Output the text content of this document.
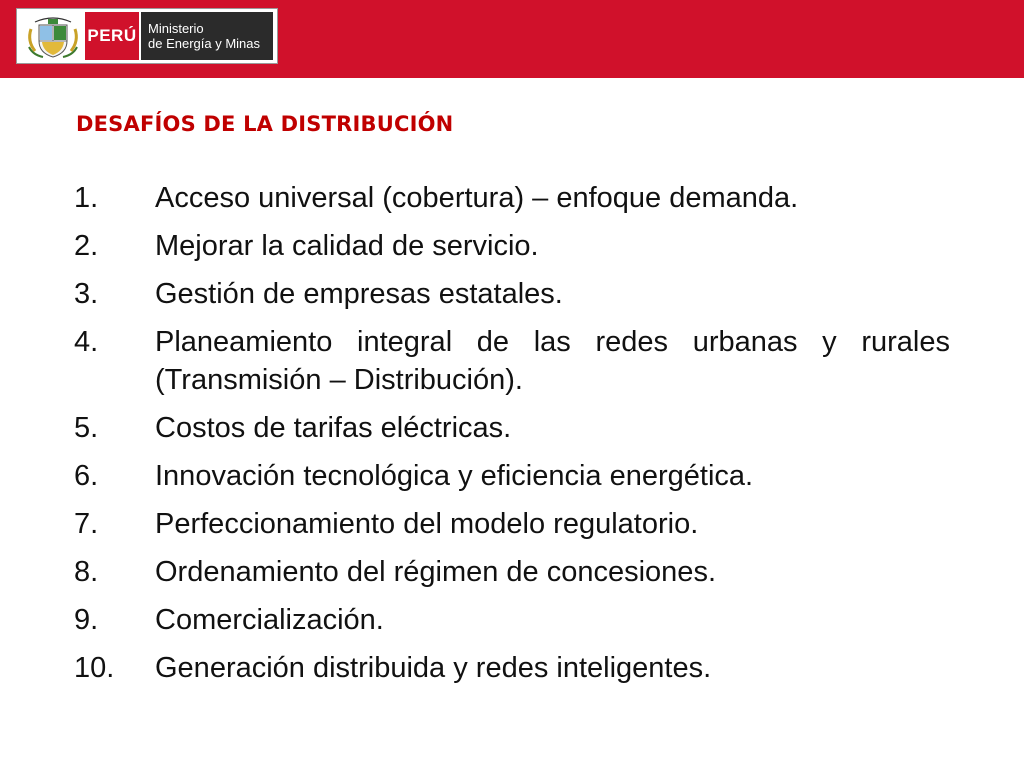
PERÚ Ministerio
de Energía y Minas
DESAFÍOS DE LA DISTRIBUCIÓN
1.	Acceso universal (cobertura) – enfoque demanda.
2.	Mejorar la calidad de servicio.
3.	Gestión de empresas estatales.
4.	Planeamiento integral de las redes urbanas y rurales (Transmisión – Distribución).
5.	Costos de tarifas eléctricas.
6.	Innovación tecnológica y eficiencia energética.
7.	Perfeccionamiento del modelo regulatorio.
8.	Ordenamiento del régimen de concesiones.
9.	Comercialización.
10.	Generación distribuida y redes inteligentes.
